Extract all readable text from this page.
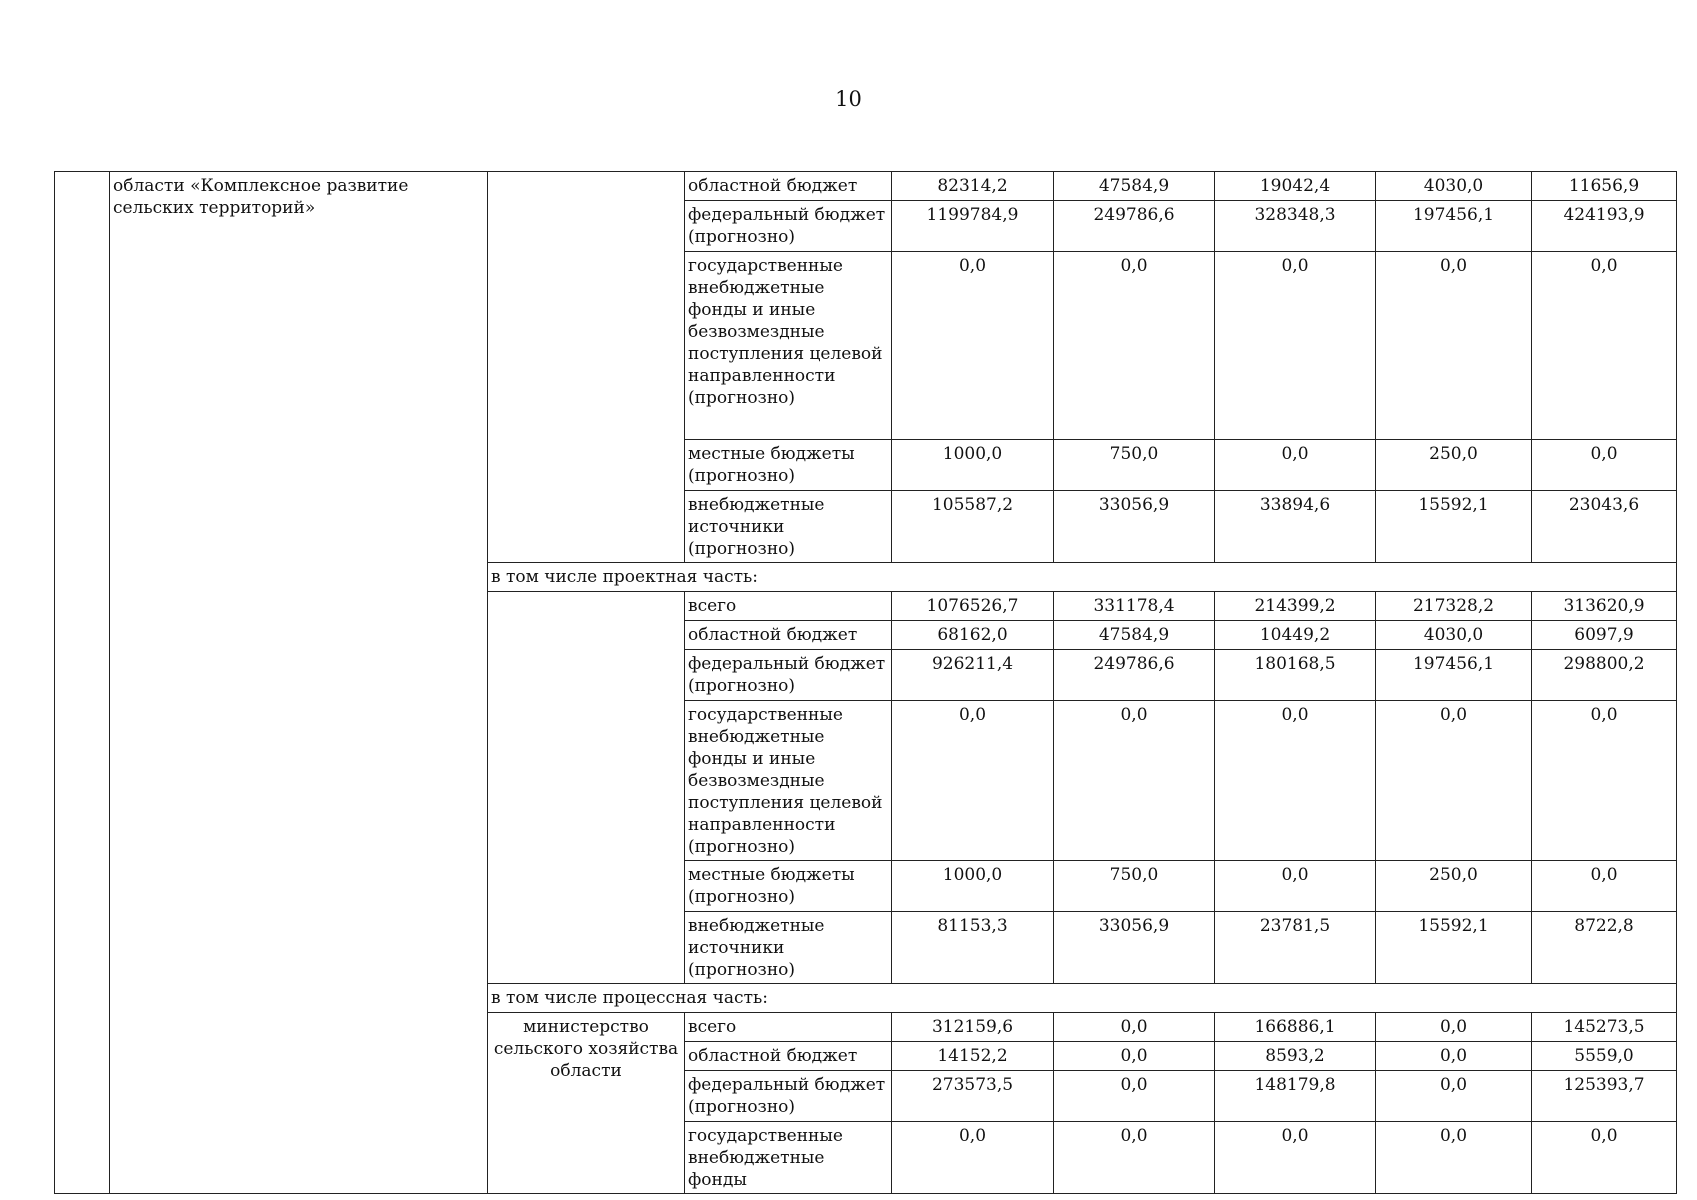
10
	области «Комплексное развитие сельских территорий»		областной бюджет	82314,2	47584,9	19042,4	4030,0	11656,9
			федеральный бюджет (прогнозно)	1199784,9	249786,6	328348,3	197456,1	424193,9
			государственные внебюджетные фонды и иные безвозмездные поступления целевой направленности (прогнозно)	0,0	0,0	0,0	0,0	0,0
			местные бюджеты (прогнозно)	1000,0	750,0	0,0	250,0	0,0
			внебюджетные источники (прогнозно)	105587,2	33056,9	33894,6	15592,1	23043,6
		в том числе проектная часть:						
			всего	1076526,7	331178,4	214399,2	217328,2	313620,9
			областной бюджет	68162,0	47584,9	10449,2	4030,0	6097,9
			федеральный бюджет (прогнозно)	926211,4	249786,6	180168,5	197456,1	298800,2
			государственные внебюджетные фонды и иные безвозмездные поступления целевой направленности (прогнозно)	0,0	0,0	0,0	0,0	0,0
			местные бюджеты (прогнозно)	1000,0	750,0	0,0	250,0	0,0
			внебюджетные источники (прогнозно)	81153,3	33056,9	23781,5	15592,1	8722,8
		в том числе процессная часть:						
		министерство сельского хозяйства области	всего	312159,6	0,0	166886,1	0,0	145273,5
			областной бюджет	14152,2	0,0	8593,2	0,0	5559,0
			федеральный бюджет (прогнозно)	273573,5	0,0	148179,8	0,0	125393,7
			государственные внебюджетные фонды	0,0	0,0	0,0	0,0	0,0
